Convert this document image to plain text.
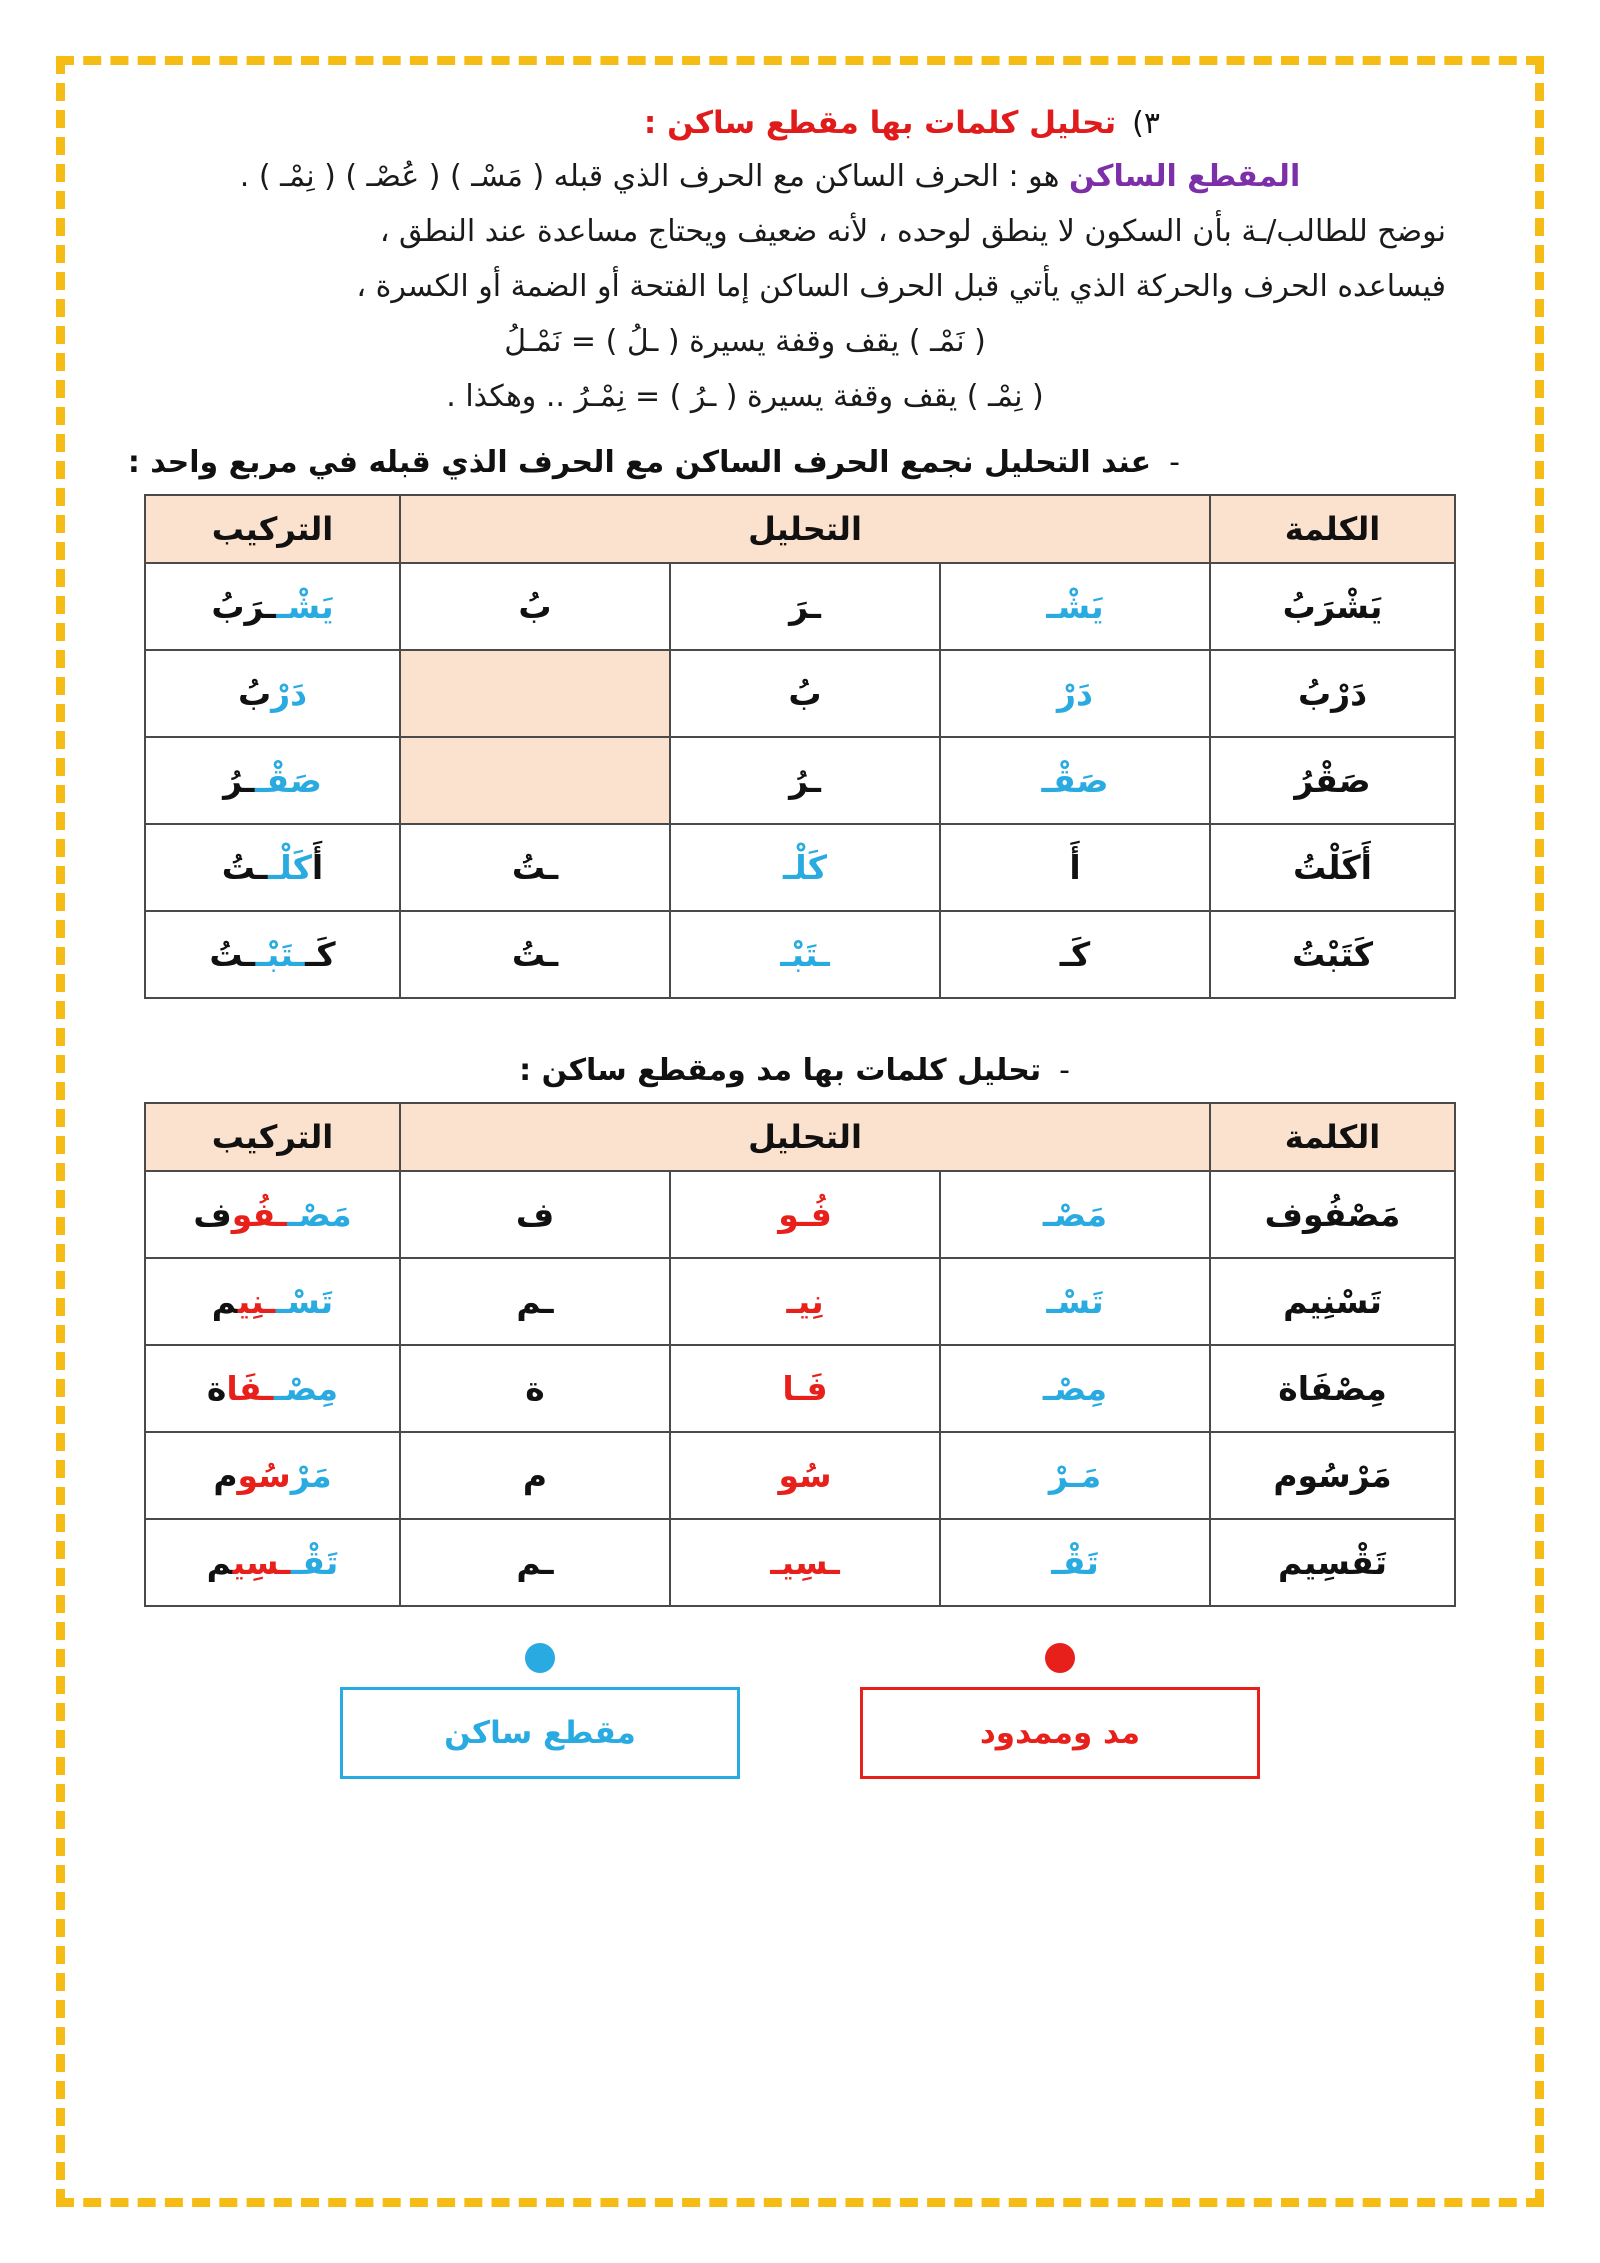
٣)
تحليل كلمات بها مقطع ساكن :

المقطع الساكن هو : الحرف الساكن مع الحرف الذي قبله ( مَسْـ ) ( عُصْـ ) ( نِمْـ ) .

نوضح للطالب/ـة بأن السكون لا ينطق لوحده ، لأنه ضعيف ويحتاج مساعدة عند النطق ،

فيساعده الحرف والحركة الذي يأتي قبل الحرف الساكن إما الفتحة أو الضمة أو الكسرة ،

( نَمْـ ) يقف وقفة يسيرة ( ـلُ ) = نَمْـلُ

( نِمْـ ) يقف وقفة يسيرة ( ـرُ ) = نِمْـرُ .. وهكذا .

-
عند التحليل نجمع الحرف الساكن مع الحرف الذي قبله في مربع واحد :
الكلمة	التحليل			التركيب
يَشْرَبُ	يَشْـ	ـرَ	بُ	يَشْــرَبُ
دَرْبُ	دَرْ	بُ		دَرْبُ
صَقْرُ	صَقْـ	ـرُ		صَقْــرُ
أَكَلْتُ	أَ	كَلْـ	ـتُ	أَكَلْــتُ
كَتَبْتُ	كَـ	ـتَبْـ	ـتُ	كَــتَبْــتُ
-
تحليل كلمات بها مد ومقطع ساكن :
الكلمة	التحليل			التركيب
مَصْفُوف	مَصْـ	فُـو	ف	مَصْــفُوف
تَسْنِيم	تَسْـ	نِيـ	ـم	تَسْــنِيم
مِصْفَاة	مِصْـ	فَـا	ة	مِصْــفَاة
مَرْسُوم	مَـرْ	سُو	م	مَرْسُوم
تَقْسِيم	تَقْـ	ـسِيـ	ـم	تَقْــسِيم
مد وممدود
مقطع ساكن
